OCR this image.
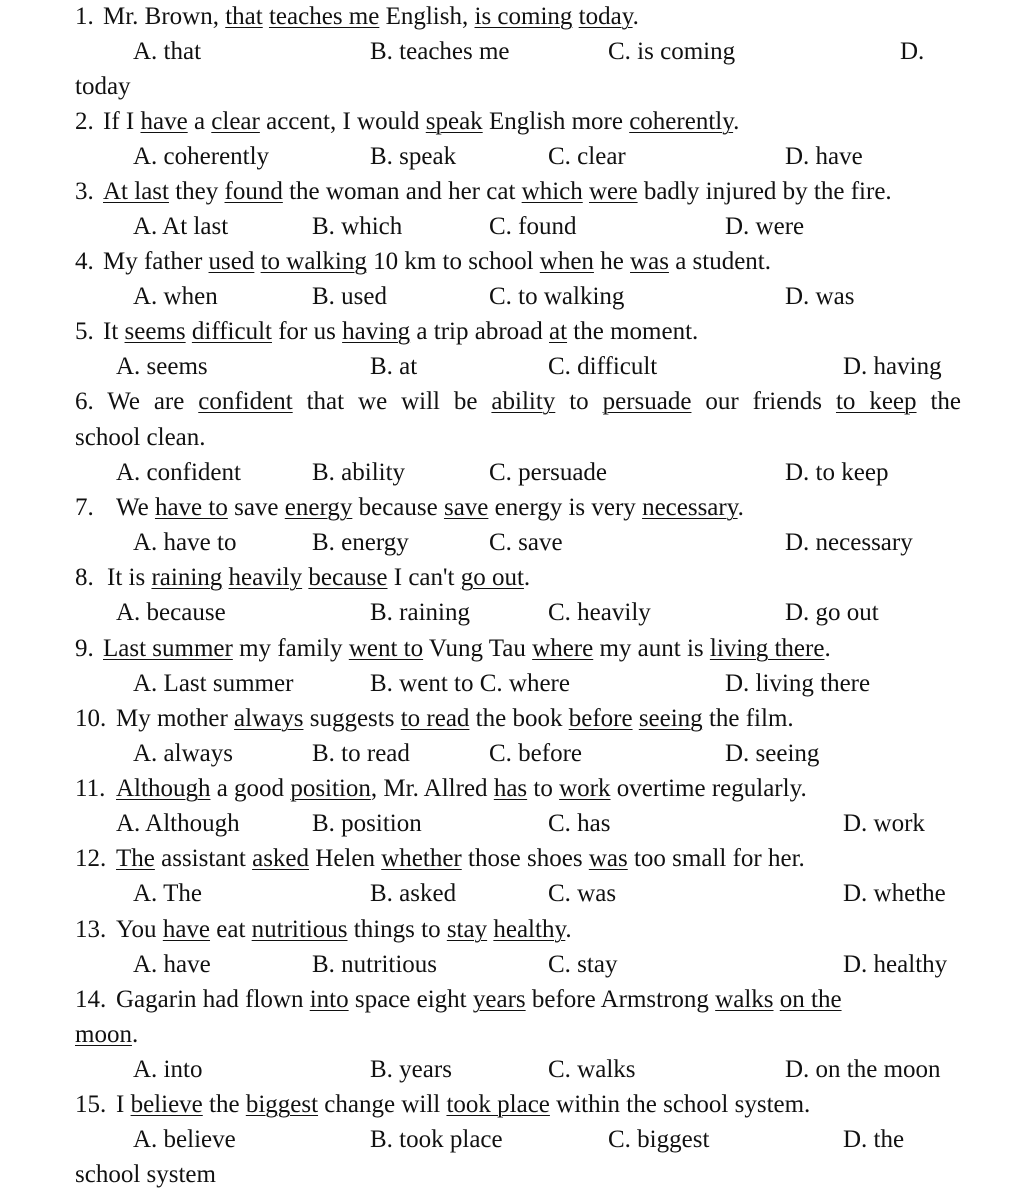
1. Mr. Brown, that teaches me English, is coming today.
A. that	B. teaches me	C. is coming	D.
today
2. If I have a clear accent, I would speak English more coherently.
A. coherently	B. speak	C. clear	D. have
3. At last they found the woman and her cat which were badly injured by the fire.
A. At last	B. which	C. found	D. were
4. My father used to walking 10 km to school when he was a student.
A. when	B. used	C. to walking	D. was
5. It seems difficult for us having a trip abroad at the moment.
A. seems	B. at	C. difficult	D. having
6. We are confident that we will be ability to persuade our friends to keep the
school clean.
A. confident	B. ability	C. persuade	D. to keep
7. We have to save energy because save energy is very necessary.
A. have to	B. energy	C. save	D. necessary
8. It is raining heavily because I can't go out.
A. because	B. raining	C. heavily	D. go out
9. Last summer my family went to Vung Tau where my aunt is living there.
A. Last summer	B. went to C. where	D. living there
10. My mother always suggests to read the book before seeing the film.
A. always	B. to read	C. before	D. seeing
11. Although a good position, Mr. Allred has to work overtime regularly.
A. Although	B. position	C. has	D. work
12. The assistant asked Helen whether those shoes was too small for her.
A. The	B. asked	C. was	D. whethe
13. You have eat nutritious things to stay healthy.
A. have	B. nutritious	C. stay	D. healthy
14. Gagarin had flown into space eight years before Armstrong walks on the
moon.
A. into	B. years	C. walks	D. on the moon
15. I believe the biggest change will took place within the school system.
A. believe	B. took place	C. biggest	D. the
school system
